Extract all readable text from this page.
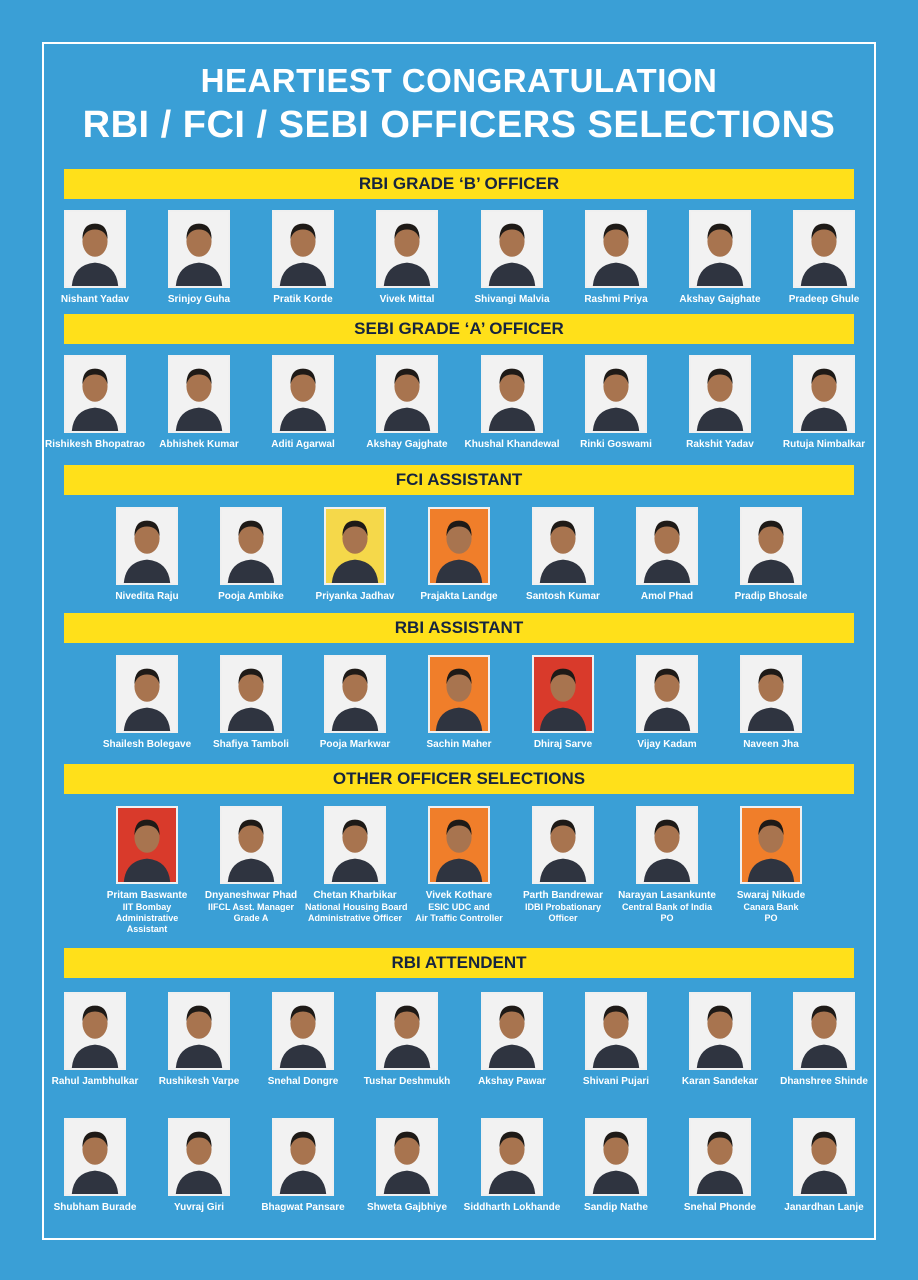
HEARTIEST CONGRATULATION
RBI / FCI / SEBI OFFICERS SELECTIONS
RBI GRADE ‘B’ OFFICER
Nishant Yadav	Srinjoy Guha	Pratik Korde	Vivek Mittal	Shivangi Malvia	Rashmi Priya	Akshay Gajghate	Pradeep Ghule
SEBI GRADE ‘A’ OFFICER
Rishikesh Bhopatrao	Abhishek Kumar	Aditi Agarwal	Akshay Gajghate	Khushal Khandewal	Rinki Goswami	Rakshit Yadav	Rutuja Nimbalkar
FCI ASSISTANT
Nivedita Raju	Pooja Ambike	Priyanka Jadhav	Prajakta Landge	Santosh Kumar	Amol Phad	Pradip Bhosale
RBI ASSISTANT
Shailesh Bolegave	Shafiya Tamboli	Pooja Markwar	Sachin Maher	Dhiraj Sarve	Vijay Kadam	Naveen Jha
OTHER OFFICER SELECTIONS
Pritam Baswante
IIT Bombay
Administrative
Assistant
Dnyaneshwar Phad
IIFCL Asst. Manager
Grade A
Chetan Kharbikar
National Housing Board
Administrative Officer
Vivek Kothare
ESIC UDC and
Air Traffic Controller
Parth Bandrewar
IDBI Probationary
Officer
Narayan Lasankunte
Central Bank of India
PO
Swaraj Nikude
Canara Bank
PO
RBI ATTENDENT
Rahul Jambhulkar	Rushikesh Varpe	Snehal Dongre	Tushar Deshmukh	Akshay Pawar	Shivani Pujari	Karan Sandekar	Dhanshree Shinde
Shubham Burade	Yuvraj Giri	Bhagwat Pansare	Shweta Gajbhiye	Siddharth Lokhande	Sandip Nathe	Snehal Phonde	Janardhan Lanje
